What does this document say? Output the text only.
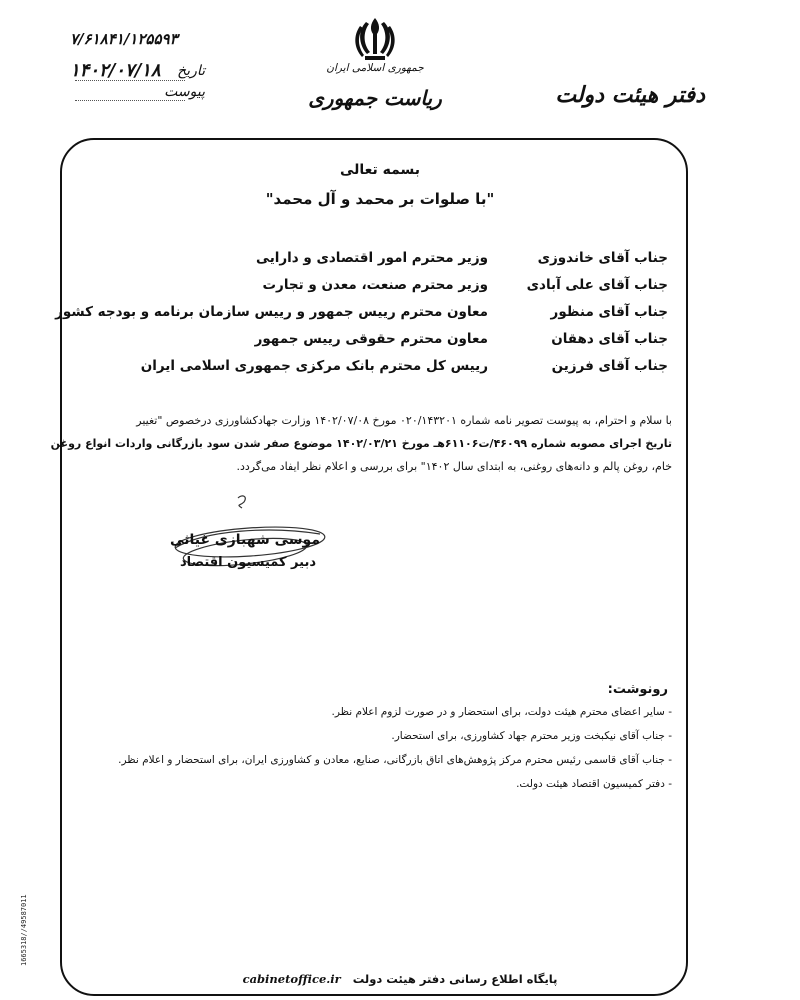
۷/۶۱۸۴۱/۱۲۵۵۹۳
۱۴۰۲/۰۷/۱۸	تاریخ
پیوست
جمهوری اسلامی ایران
ریاست جمهوری	دفتر هیئت دولت
بسمه تعالی
"با صلوات بر محمد و آل محمد"
جناب آقای خاندوزی
وزیر محترم امور اقتصادی و دارایی
جناب آقای علی آبادی
وزیر محترم صنعت، معدن و تجارت
جناب آقای منظور
معاون محترم رییس جمهور و رییس سازمان برنامه و بودجه کشور
جناب آقای دهقان
معاون محترم حقوقی رییس جمهور
جناب آقای فرزین
رییس کل محترم بانک مرکزی جمهوری اسلامی ایران
با سلام و احترام، به پیوست تصویر نامه شماره ۰۲۰/۱۴۳۲۰۱ مورخ ۱۴۰۲/۰۷/۰۸ وزارت جهادکشاورزی درخصوص "تغییر
تاریخ اجرای مصوبه شماره ۴۶۰۹۹/ت۶۱۱۰۶هـ مورخ ۱۴۰۲/۰۳/۲۱ موضوع صفر شدن سود بازرگانی واردات انواع روغن
خام، روغن پالم و دانه‌های روغنی، به ابتدای سال ۱۴۰۲" برای بررسی و اعلام نظر ایفاد می‌گردد.
موسی شهبازی غیاثی
دبیر کمیسیون اقتصاد
رونوشت:
- سایر اعضای محترم هیئت دولت، برای استحضار و در صورت لزوم اعلام نظر.
- جناب آقای نیکبخت وزیر محترم جهاد کشاورزی، برای استحضار.
- جناب آقای قاسمی رئیس محترم مرکز پژوهش‌های اتاق بازرگانی، صنایع، معادن و کشاورزی ایران، برای استحضار و اعلام نظر.
- دفتر کمیسیون اقتصاد هیئت دولت.
1665318//49587011
cabinetoffice.ir پایگاه اطلاع رسانی دفتر هیئت دولت
